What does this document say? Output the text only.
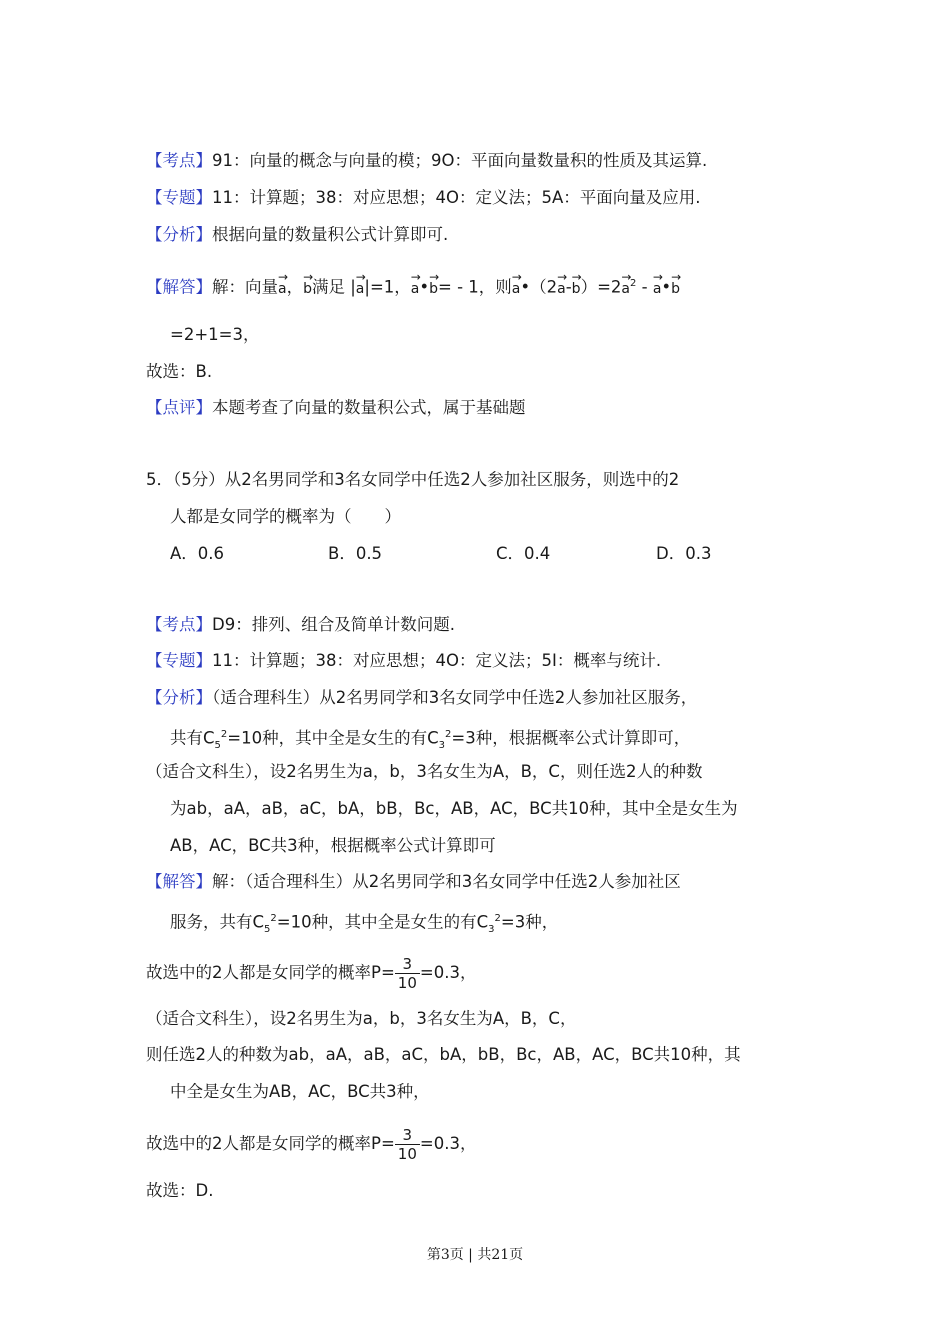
【考点】91：向量的概念与向量的模；9O：平面向量数量积的性质及其运算.
【专题】11：计算题；38：对应思想；4O：定义法；5A：平面向量及应用.
【分析】根据向量的数量积公式计算即可.
【解答】解：向量→ a，→ b满足 |→ a|=1，→ a•→ b= - 1，则→ a•（2→ $a-\to b)=2\to a^2$ - → a•→ b
=2+1=3，
故选：B.
【点评】本题考查了向量的数量积公式，属于基础题
5．（5分）从2名男同学和3名女同学中任选2人参加社区服务，则选中的2
人都是女同学的概率为（　　）
A．0.6	B．0.5	C．0.4	D．0.3
【考点】D9：排列、组合及简单计数问题.
【专题】11：计算题；38：对应思想；4O：定义法；5I：概率与统计.
【分析】（适合理科生）从2名男同学和3名女同学中任选2人参加社区服务，
共有$C_5^2=10$种，其中全是女生的有$C_3^2=3$种，根据概率公式计算即可，
（适合文科生），设2名男生为a，b，3名女生为A，B，C，则任选2人的种数
为ab，aA，aB，aC，bA，bB，Bc，AB，AC，BC共10种，其中全是女生为
AB，AC，BC共3种，根据概率公式计算即可
【解答】解：（适合理科生）从2名男同学和3名女同学中任选2人参加社区
服务，共有$C_5^2=10$种，其中全是女生的有$C_3^2=3$种，
故选中的2人都是女同学的概率$P= \frac{3}{10} =0.3$，
（适合文科生），设2名男生为a，b，3名女生为A，B，C，
则任选2人的种数为ab，aA，aB，aC，bA，bB，Bc，AB，AC，BC共10种，其
中全是女生为AB，AC，BC共3种，
故选中的2人都是女同学的概率$P= \frac{3}{10} =0.3$，
故选：D.
第3页 | 共21页
